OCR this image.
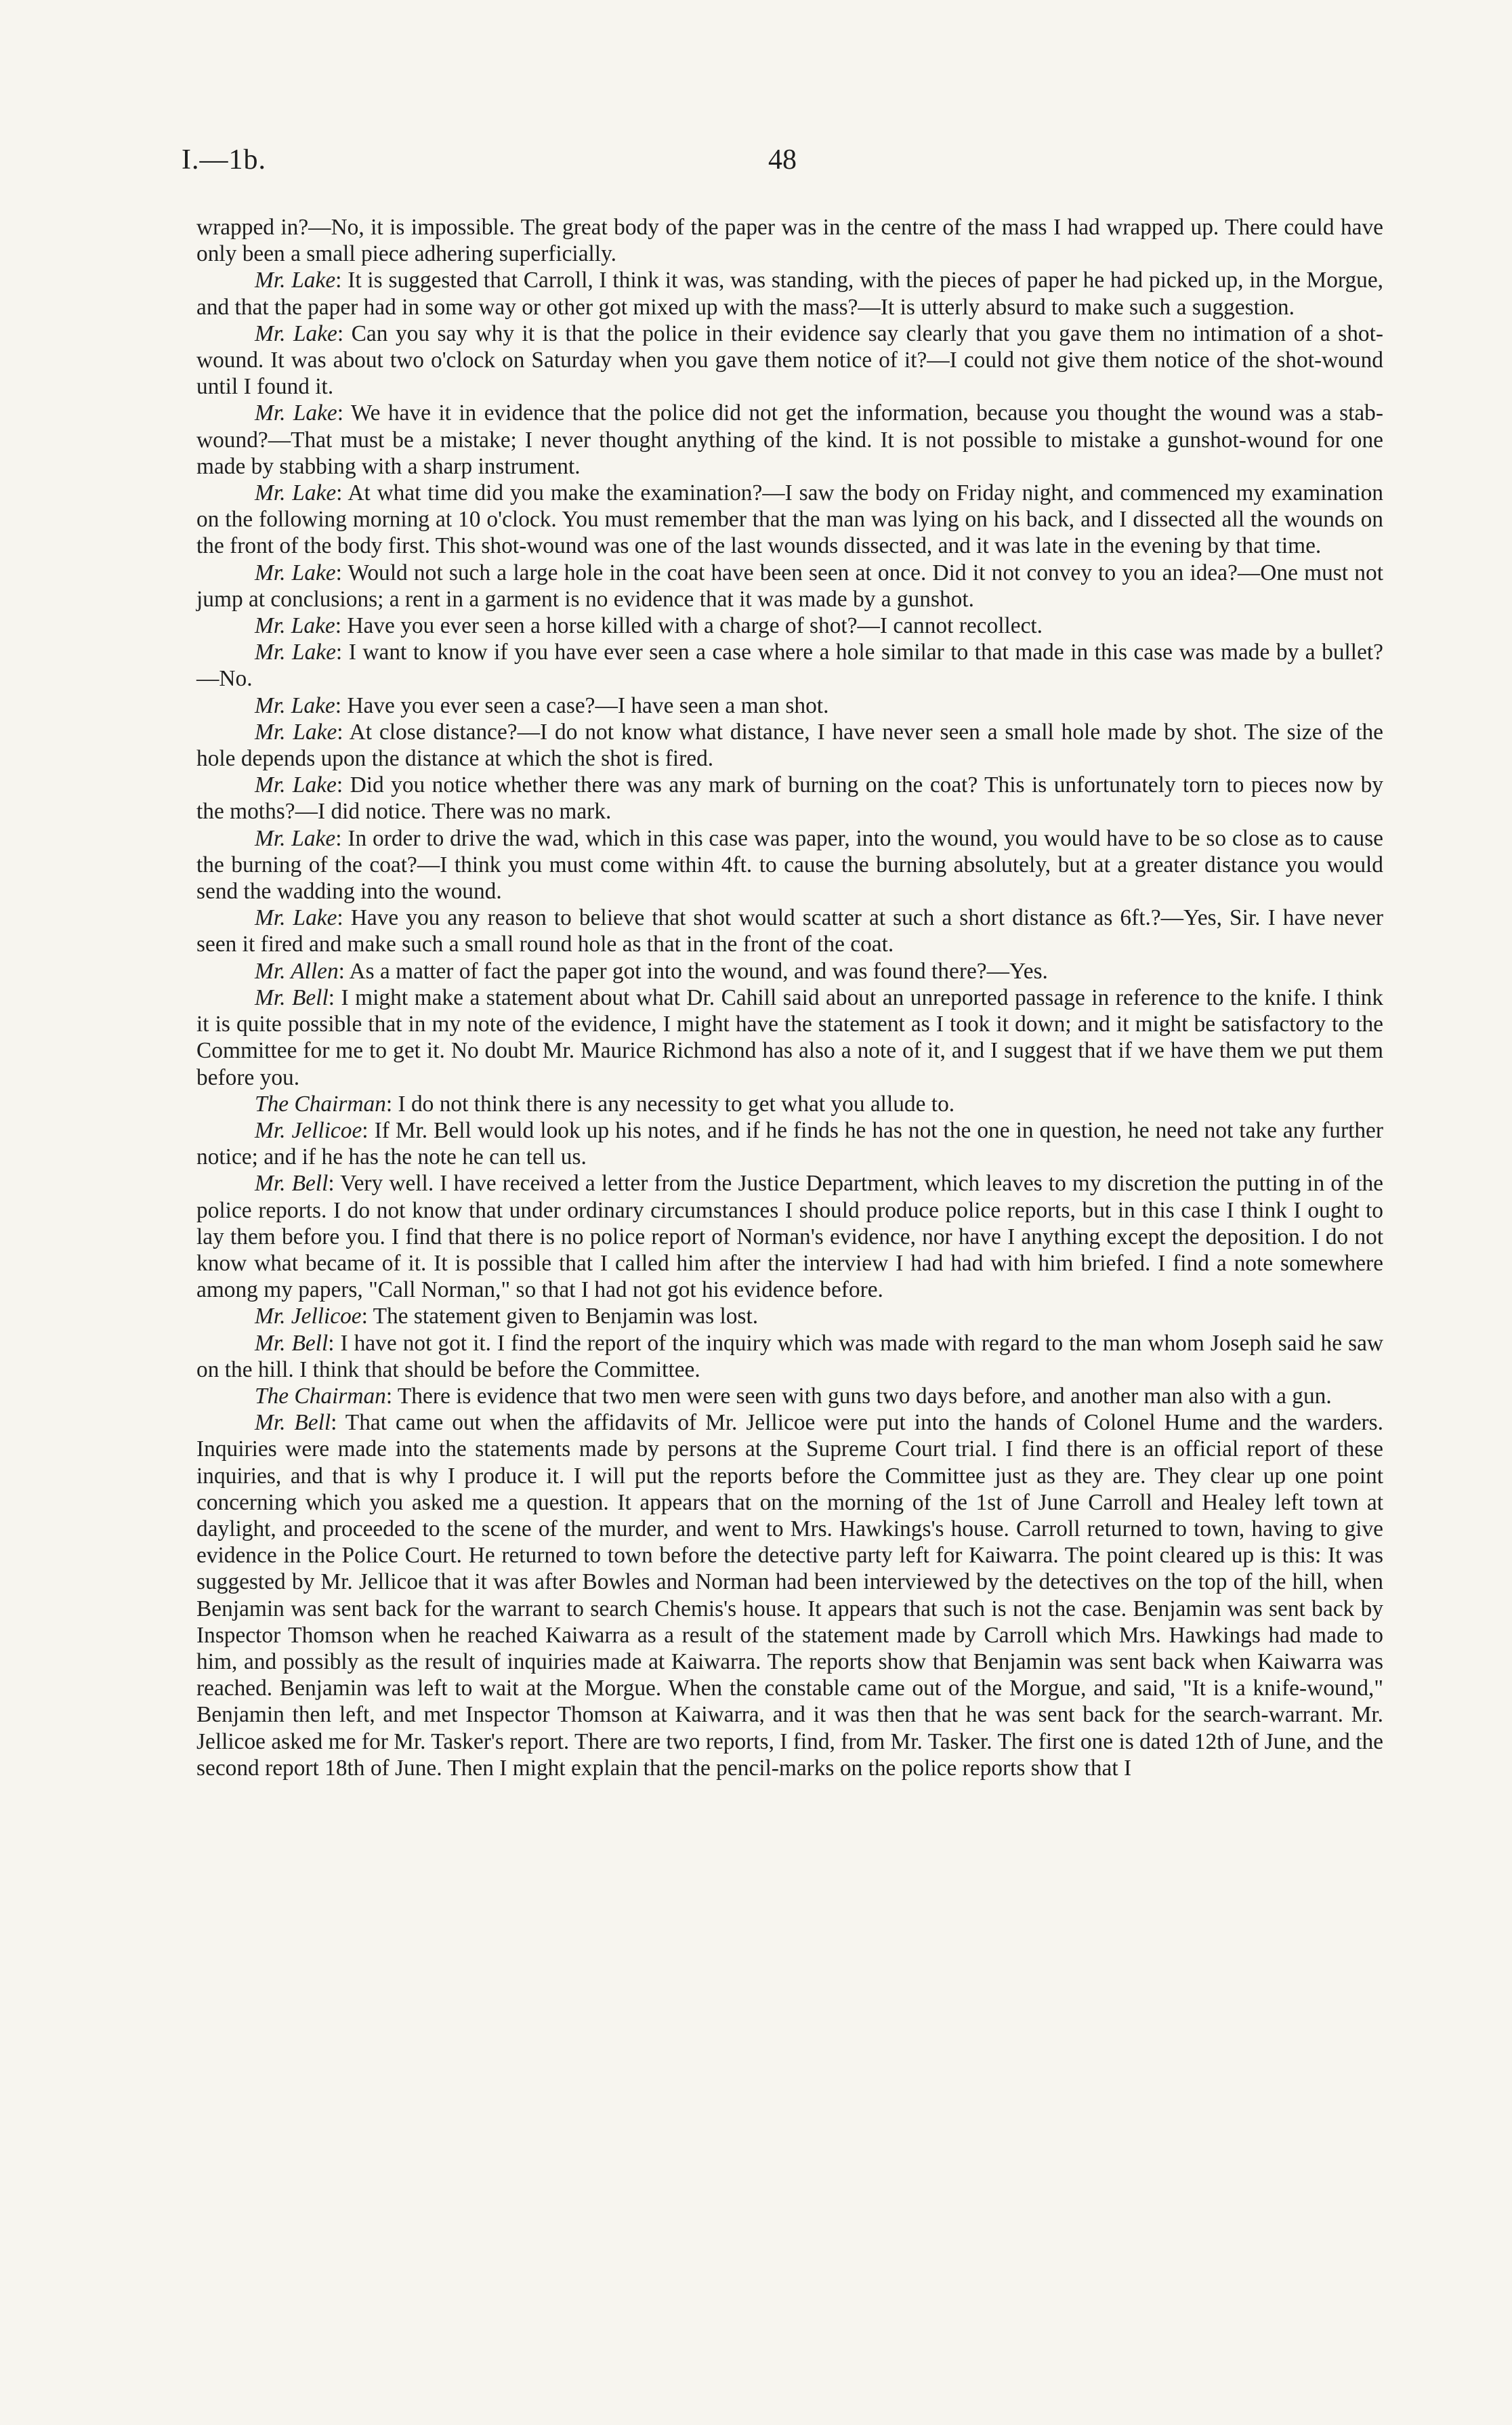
I.—1b.	48

wrapped in?—No, it is impossible. The great body of the paper was in the centre of the mass I had wrapped up. There could have only been a small piece adhering superficially.

Mr. Lake: It is suggested that Carroll, I think it was, was standing, with the pieces of paper he had picked up, in the Morgue, and that the paper had in some way or other got mixed up with the mass?—It is utterly absurd to make such a suggestion.

Mr. Lake: Can you say why it is that the police in their evidence say clearly that you gave them no intimation of a shot-wound. It was about two o'clock on Saturday when you gave them notice of it?—I could not give them notice of the shot-wound until I found it.

Mr. Lake: We have it in evidence that the police did not get the information, because you thought the wound was a stab-wound?—That must be a mistake; I never thought anything of the kind. It is not possible to mistake a gunshot-wound for one made by stabbing with a sharp instrument.

Mr. Lake: At what time did you make the examination?—I saw the body on Friday night, and commenced my examination on the following morning at 10 o'clock. You must remember that the man was lying on his back, and I dissected all the wounds on the front of the body first. This shot-wound was one of the last wounds dissected, and it was late in the evening by that time.

Mr. Lake: Would not such a large hole in the coat have been seen at once. Did it not convey to you an idea?—One must not jump at conclusions; a rent in a garment is no evidence that it was made by a gunshot.

Mr. Lake: Have you ever seen a horse killed with a charge of shot?—I cannot recollect.

Mr. Lake: I want to know if you have ever seen a case where a hole similar to that made in this case was made by a bullet?—No.

Mr. Lake: Have you ever seen a case?—I have seen a man shot.

Mr. Lake: At close distance?—I do not know what distance, I have never seen a small hole made by shot. The size of the hole depends upon the distance at which the shot is fired.

Mr. Lake: Did you notice whether there was any mark of burning on the coat? This is unfortunately torn to pieces now by the moths?—I did notice. There was no mark.

Mr. Lake: In order to drive the wad, which in this case was paper, into the wound, you would have to be so close as to cause the burning of the coat?—I think you must come within 4ft. to cause the burning absolutely, but at a greater distance you would send the wadding into the wound.

Mr. Lake: Have you any reason to believe that shot would scatter at such a short distance as 6ft.?—Yes, Sir. I have never seen it fired and make such a small round hole as that in the front of the coat.

Mr. Allen: As a matter of fact the paper got into the wound, and was found there?—Yes.

Mr. Bell: I might make a statement about what Dr. Cahill said about an unreported passage in reference to the knife. I think it is quite possible that in my note of the evidence, I might have the statement as I took it down; and it might be satisfactory to the Committee for me to get it. No doubt Mr. Maurice Richmond has also a note of it, and I suggest that if we have them we put them before you.

The Chairman: I do not think there is any necessity to get what you allude to.

Mr. Jellicoe: If Mr. Bell would look up his notes, and if he finds he has not the one in question, he need not take any further notice; and if he has the note he can tell us.

Mr. Bell: Very well. I have received a letter from the Justice Department, which leaves to my discretion the putting in of the police reports. I do not know that under ordinary circumstances I should produce police reports, but in this case I think I ought to lay them before you. I find that there is no police report of Norman's evidence, nor have I anything except the deposition. I do not know what became of it. It is possible that I called him after the interview I had had with him briefed. I find a note somewhere among my papers, "Call Norman," so that I had not got his evidence before.

Mr. Jellicoe: The statement given to Benjamin was lost.

Mr. Bell: I have not got it. I find the report of the inquiry which was made with regard to the man whom Joseph said he saw on the hill. I think that should be before the Committee.

The Chairman: There is evidence that two men were seen with guns two days before, and another man also with a gun.

Mr. Bell: That came out when the affidavits of Mr. Jellicoe were put into the hands of Colonel Hume and the warders. Inquiries were made into the statements made by persons at the Supreme Court trial. I find there is an official report of these inquiries, and that is why I produce it. I will put the reports before the Committee just as they are. They clear up one point concerning which you asked me a question. It appears that on the morning of the 1st of June Carroll and Healey left town at daylight, and proceeded to the scene of the murder, and went to Mrs. Hawkings's house. Carroll returned to town, having to give evidence in the Police Court. He returned to town before the detective party left for Kaiwarra. The point cleared up is this: It was suggested by Mr. Jellicoe that it was after Bowles and Norman had been interviewed by the detectives on the top of the hill, when Benjamin was sent back for the warrant to search Chemis's house. It appears that such is not the case. Benjamin was sent back by Inspector Thomson when he reached Kaiwarra as a result of the statement made by Carroll which Mrs. Hawkings had made to him, and possibly as the result of inquiries made at Kaiwarra. The reports show that Benjamin was sent back when Kaiwarra was reached. Benjamin was left to wait at the Morgue. When the constable came out of the Morgue, and said, "It is a knife-wound," Benjamin then left, and met Inspector Thomson at Kaiwarra, and it was then that he was sent back for the search-warrant. Mr. Jellicoe asked me for Mr. Tasker's report. There are two reports, I find, from Mr. Tasker. The first one is dated 12th of June, and the second report 18th of June. Then I might explain that the pencil-marks on the police reports show that I
